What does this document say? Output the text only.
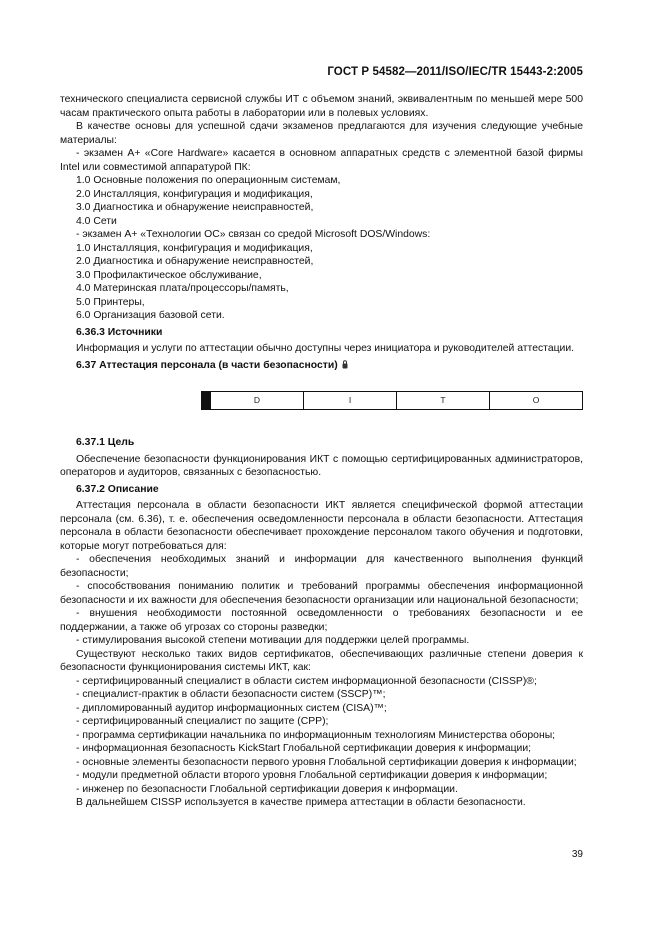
ГОСТ Р 54582—2011/ISO/IEC/TR 15443-2:2005

технического специалиста сервисной службы ИТ с объемом знаний, эквивалентным по меньшей мере 500 часам практического опыта работы в лаборатории или в полевых условиях.

В качестве основы для успешной сдачи экзаменов предлагаются для изучения следующие учебные материалы:

- экзамен А+ «Core Hardware» касается в основном аппаратных средств с элементной базой фирмы Intel или совместимой аппаратурой ПК:

1.0 Основные положения по операционным системам,

2.0 Инсталляция, конфигурация и модификация,

3.0 Диагностика и обнаружение неисправностей,

4.0 Сети

- экзамен А+ «Технологии ОС» связан со средой Microsoft DOS/Windows:

1.0 Инсталляция, конфигурация и модификация,

2.0 Диагностика и обнаружение неисправностей,

3.0 Профилактическое обслуживание,

4.0 Материнская плата/процессоры/память,

5.0 Принтеры,

6.0 Организация базовой сети.

6.36.3 Источники

Информация и услуги по аттестации обычно доступны через инициатора и руководителей аттестации.

6.37 Аттестация персонала (в части безопасности)

D	I	T	O

6.37.1 Цель

Обеспечение безопасности функционирования ИКТ с помощью сертифицированных администраторов, операторов и аудиторов, связанных с безопасностью.

6.37.2 Описание

Аттестация персонала в области безопасности ИКТ является специфической формой аттестации персонала (см. 6.36), т. е. обеспечения осведомленности персонала в области безопасности. Аттестация персонала в области безопасности обеспечивает прохождение персоналом такого обучения и подготовки, которые могут потребоваться для:

- обеспечения необходимых знаний и информации для качественного выполнения функций безопасности;

- способствования пониманию политик и требований программы обеспечения информационной безопасности и их важности для обеспечения безопасности организации или национальной безопасности;

- внушения необходимости постоянной осведомленности о требованиях безопасности и ее поддержании, а также об угрозах со стороны разведки;

- стимулирования высокой степени мотивации для поддержки целей программы.

Существуют несколько таких видов сертификатов, обеспечивающих различные степени доверия к безопасности функционирования системы ИКТ, как:

- сертифицированный специалист в области систем информационной безопасности (CISSP)®;

- специалист-практик в области безопасности систем (SSCP)™;

- дипломированный аудитор информационных систем (CISA)™;

- сертифицированный специалист по защите (CPP);

- программа сертификации начальника по информационным технологиям Министерства обороны;

- информационная безопасность KickStart Глобальной сертификации доверия к информации;

- основные элементы безопасности первого уровня Глобальной сертификации доверия к информации;

- модули предметной области второго уровня Глобальной сертификации доверия к информации;

- инженер по безопасности Глобальной сертификации доверия к информации.

В дальнейшем CISSP используется в качестве примера аттестации в области безопасности.

39
